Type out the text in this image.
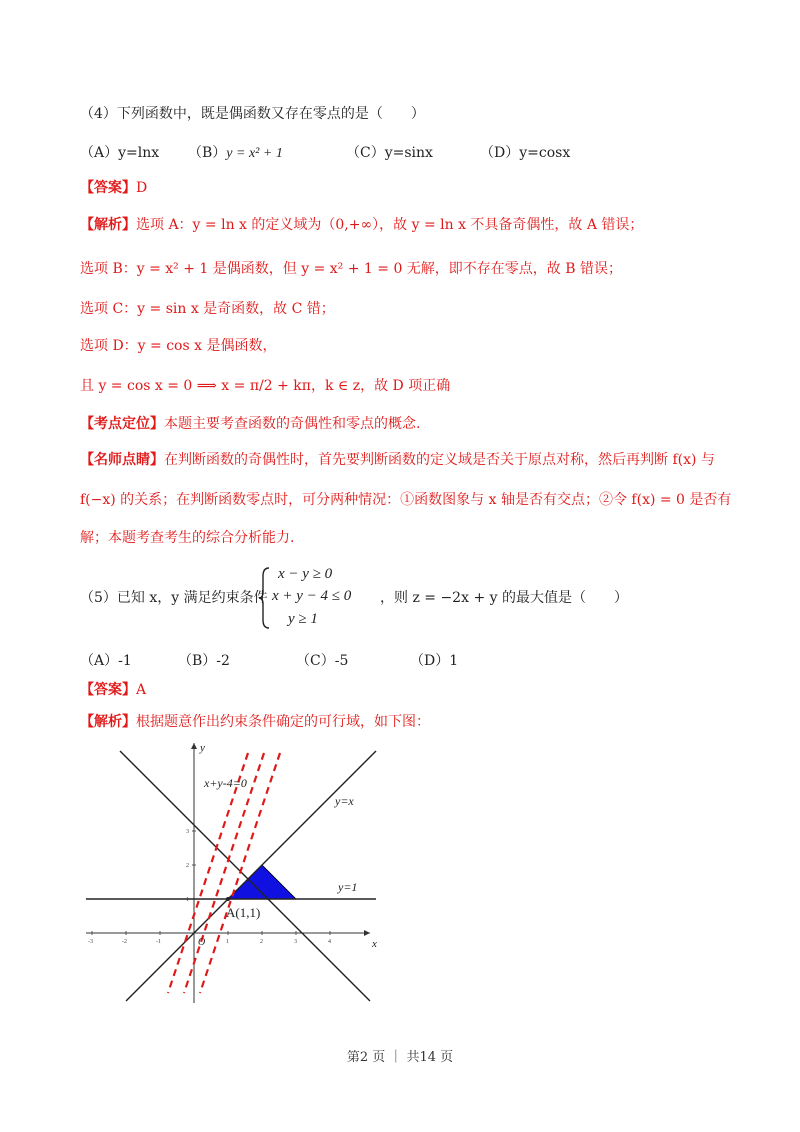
（4）下列函数中，既是偶函数又存在零点的是（　　）
（A）y=lnx （B）y = x² + 1	（C）y=sinx	（D）y=cosx
【答案】D
【解析】选项 A：y = ln x 的定义域为（0,+∞），故 y = ln x 不具备奇偶性，故 A 错误；
选项 B：y = x² + 1 是偶函数，但 y = x² + 1 = 0 无解，即不存在零点，故 B 错误；
选项 C：y = sin x 是奇函数，故 C 错；
选项 D：y = cos x 是偶函数，
且 y = cos x = 0 ⟹ x = π/2 + kπ，k ∈ z，故 D 项正确
【考点定位】本题主要考查函数的奇偶性和零点的概念.
【名师点睛】在判断函数的奇偶性时，首先要判断函数的定义域是否关于原点对称，然后再判断 f(x) 与
f(−x) 的关系；在判断函数零点时，可分两种情况：①函数图象与 x 轴是否有交点；②令 f(x) = 0 是否有
解；本题考查考生的综合分析能力.
（5）已知 x，y 满足约束条件
x − y ≥ 0
x + y − 4 ≤ 0
y ≥ 1
，则 z = −2x + y 的最大值是（　　）
（A）-1	（B）-2	（C）-5	（D）1
【答案】A
【解析】根据题意作出约束条件确定的可行域，如下图：
-3	-2	-1	1	2	3	4
1
2
3
x+y-4=0
y=x
y=1
A(1,1)
x
y
O
第2 页 ｜ 共14 页
